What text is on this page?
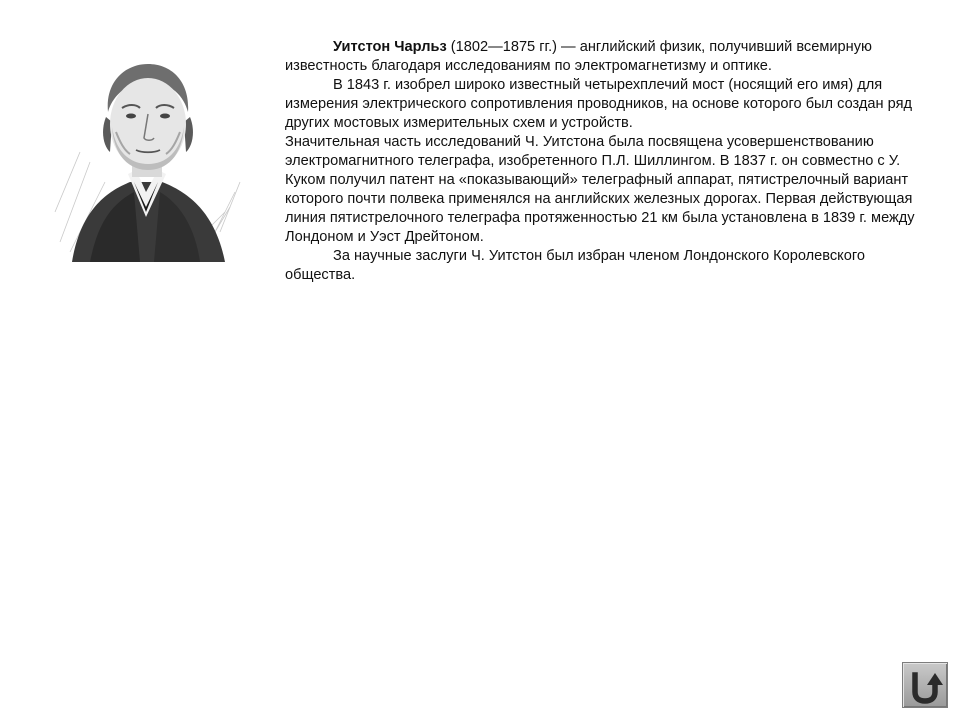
Уитстон Чарльз (1802—1875 гг.) — английский физик, получивший всемирную известность благодаря исследованиям по электромагнетизму и оптике.

В 1843 г. изобрел широко известный четырехплечий мост (носящий его имя) для измерения электрического сопротивления проводников, на основе которого был создан ряд других мостовых измерительных схем и устройств.

Значительная часть исследований Ч. Уитстона была посвящена усовершенствованию электромагнитного телеграфа, изобретенного П.Л. Шиллингом. В 1837 г. он совместно с У. Куком получил патент на «показывающий» телеграфный аппарат, пятистрелочный вариант которого почти полвека применялся на английских железных дорогах. Первая действующая линия пятистрелочного телеграфа протяженностью 21 км была установлена в 1839 г. между Лондоном и Уэст Дрейтоном.

За научные заслуги Ч. Уитстон был избран членом Лондонского Королевского общества.
